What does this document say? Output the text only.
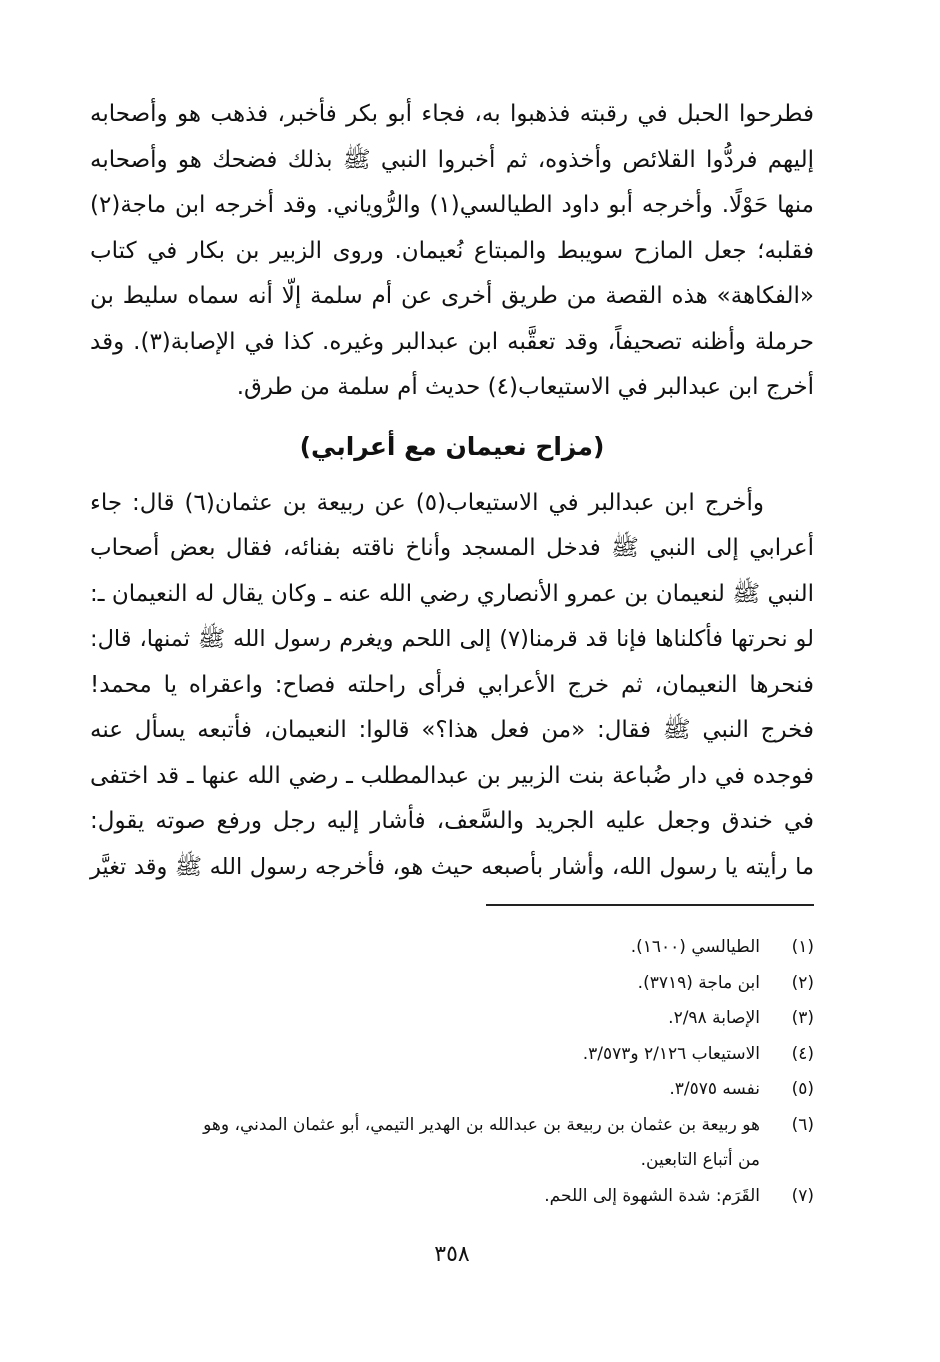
فطرحوا الحبل في رقبته فذهبوا به، فجاء أبو بكر فأخبر، فذهب هو وأصحابه
إليهم فردُّوا القلائص وأخذوه، ثم أخبروا النبي ﷺ بذلك فضحك هو وأصحابه
منها حَوْلًا. وأخرجه أبو داود الطيالسي(١) والرُّوياني. وقد أخرجه ابن ماجة(٢)
فقلبه؛ جعل المازح سويبط والمبتاع نُعيمان. وروى الزبير بن بكار في كتاب
«الفكاهة» هذه القصة من طريق أخرى عن أم سلمة إلّا أنه سماه سليط بن
حرملة وأظنه تصحيفاً، وقد تعقَّبه ابن عبدالبر وغيره. كذا في الإصابة(٣). وقد
أخرج ابن عبدالبر في الاستيعاب(٤) حديث أم سلمة من طرق.
(مزاح نعيمان مع أعرابي)
وأخرج ابن عبدالبر في الاستيعاب(٥) عن ربيعة بن عثمان(٦) قال: جاء
أعرابي إلى النبي ﷺ فدخل المسجد وأناخ ناقته بفنائه، فقال بعض أصحاب
النبي ﷺ لنعيمان بن عمرو الأنصاري رضي الله عنه ـ وكان يقال له النعيمان ـ:
لو نحرتها فأكلناها فإنا قد قرمنا(٧) إلى اللحم ويغرم رسول الله ﷺ ثمنها، قال:
فنحرها النعيمان، ثم خرج الأعرابي فرأى راحلته فصاح: واعقراه يا محمد!
فخرج النبي ﷺ فقال: «من فعل هذا؟» قالوا: النعيمان، فأتبعه يسأل عنه
فوجده في دار ضُباعة بنت الزبير بن عبدالمطلب ـ رضي الله عنها ـ قد اختفى
في خندق وجعل عليه الجريد والسَّعف، فأشار إليه رجل ورفع صوته يقول:
ما رأيته يا رسول الله، وأشار بأصبعه حيث هو، فأخرجه رسول الله ﷺ وقد تغيَّر
(١)
الطيالسي (١٦٠٠).
(٢)
ابن ماجة (٣٧١٩).
(٣)
الإصابة ٢/٩٨.
(٤)
الاستيعاب ٢/١٢٦ و٣/٥٧٣.
(٥)
نفسه ٣/٥٧٥.
(٦)
هو ربيعة بن عثمان بن ربيعة بن عبدالله بن الهدير التيمي، أبو عثمان المدني، وهو
من أتباع التابعين.
(٧)
القَرَم: شدة الشهوة إلى اللحم.
٣٥٨
